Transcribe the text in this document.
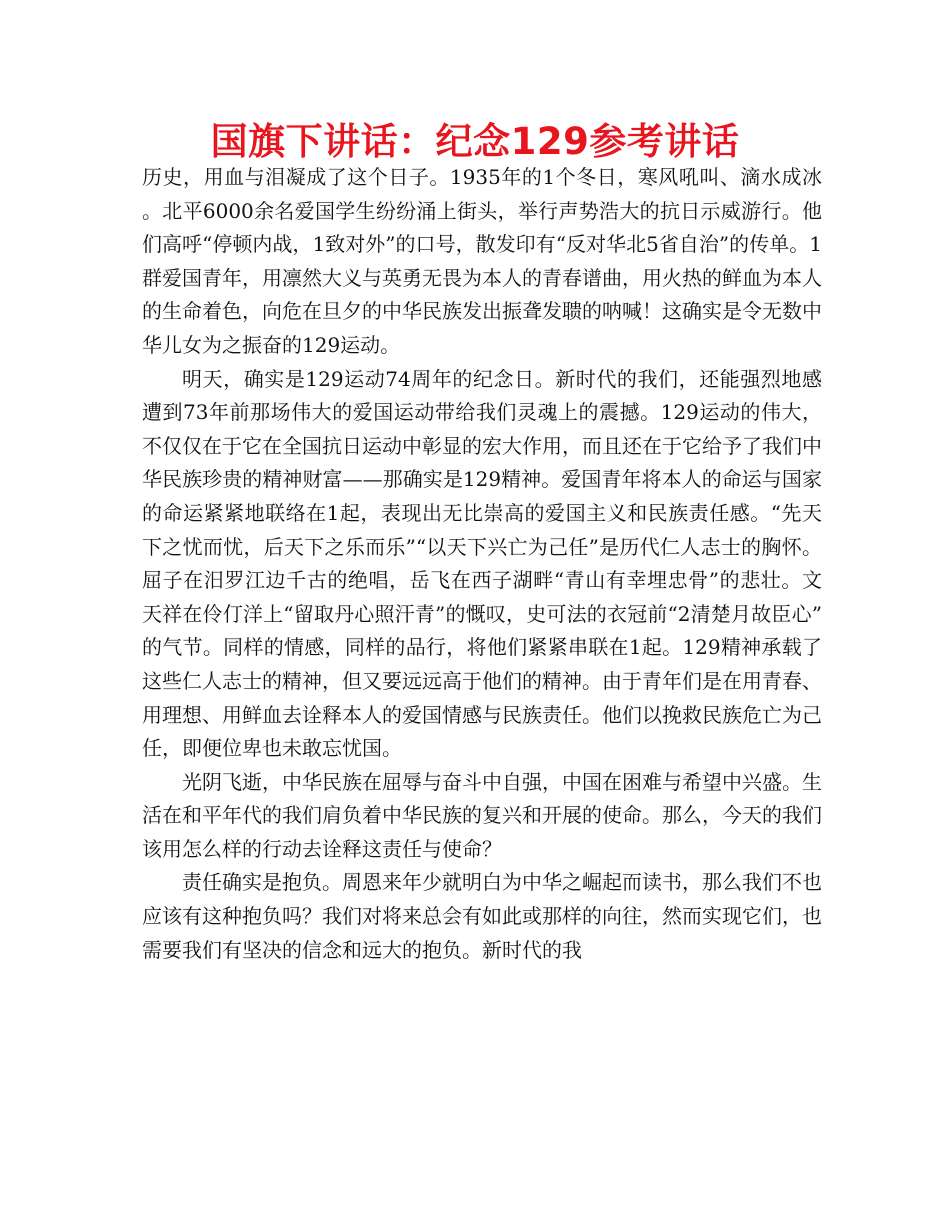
国旗下讲话：纪念129参考讲话

历史，用血与泪凝成了这个日子。1935年的1个冬日，寒风吼叫、滴水成冰。北平6000余名爱国学生纷纷涌上街头，举行声势浩大的抗日示威游行。他们高呼“停顿内战，1致对外”的口号，散发印有“反对华北5省自治”的传单。1群爱国青年，用凛然大义与英勇无畏为本人的青春谱曲，用火热的鲜血为本人的生命着色，向危在旦夕的中华民族发出振聋发聩的呐喊！这确实是令无数中华儿女为之振奋的129运动。

明天，确实是129运动74周年的纪念日。新时代的我们，还能强烈地感遭到73年前那场伟大的爱国运动带给我们灵魂上的震撼。129运动的伟大，不仅仅在于它在全国抗日运动中彰显的宏大作用，而且还在于它给予了我们中华民族珍贵的精神财富——那确实是129精神。爱国青年将本人的命运与国家的命运紧紧地联络在1起，表现出无比崇高的爱国主义和民族责任感。“先天下之忧而忧，后天下之乐而乐”“以天下兴亡为己任”是历代仁人志士的胸怀。屈子在汨罗江边千古的绝唱，岳飞在西子湖畔“青山有幸埋忠骨”的悲壮。文天祥在伶仃洋上“留取丹心照汗青”的慨叹，史可法的衣冠前“2清楚月故臣心”的气节。同样的情感，同样的品行，将他们紧紧串联在1起。129精神承载了这些仁人志士的精神，但又要远远高于他们的精神。由于青年们是在用青春、用理想、用鲜血去诠释本人的爱国情感与民族责任。他们以挽救民族危亡为己任，即便位卑也未敢忘忧国。

光阴飞逝，中华民族在屈辱与奋斗中自强，中国在困难与希望中兴盛。生活在和平年代的我们肩负着中华民族的复兴和开展的使命。那么，今天的我们该用怎么样的行动去诠释这责任与使命？

责任确实是抱负。周恩来年少就明白为中华之崛起而读书，那么我们不也应该有这种抱负吗？我们对将来总会有如此或那样的向往，然而实现它们，也需要我们有坚决的信念和远大的抱负。新时代的我
